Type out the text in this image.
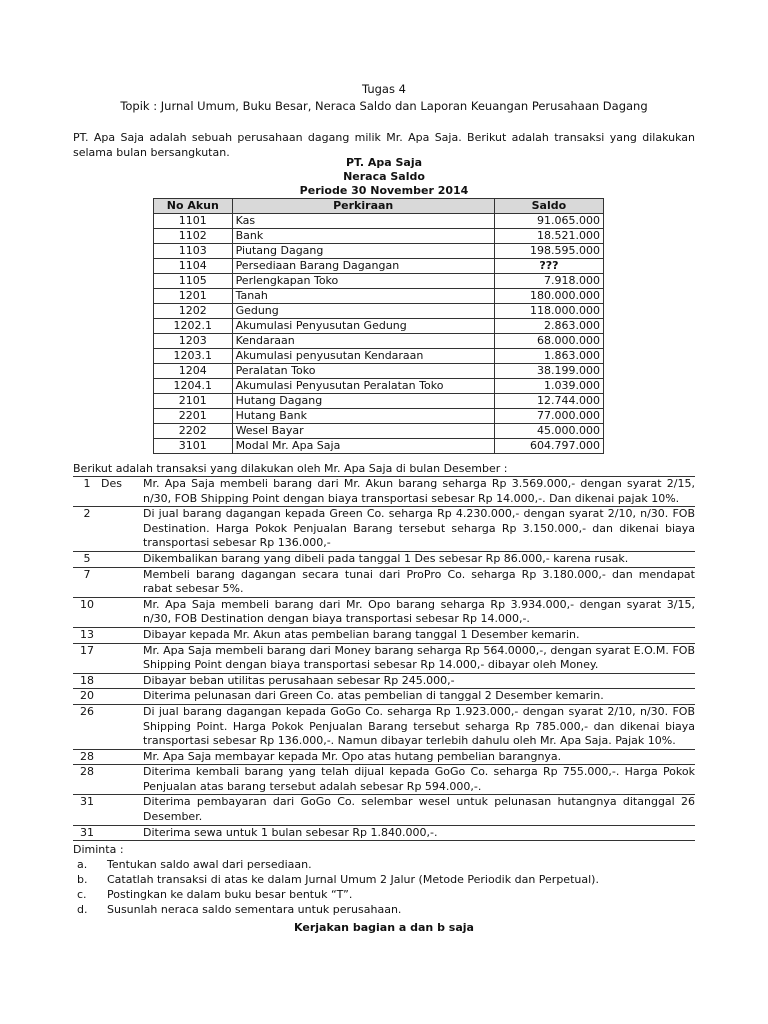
Tugas 4
Topik : Jurnal Umum, Buku Besar, Neraca Saldo dan Laporan Keuangan Perusahaan Dagang
PT. Apa Saja adalah sebuah perusahaan dagang milik Mr. Apa Saja. Berikut adalah transaksi yang dilakukan selama bulan bersangkutan.
PT. Apa Saja
Neraca Saldo
Periode 30 November 2014
No Akun	Perkiraan	Saldo
1101	Kas	91.065.000
1102	Bank	18.521.000
1103	Piutang Dagang	198.595.000
1104	Persediaan Barang Dagangan	???
1105	Perlengkapan Toko	7.918.000
1201	Tanah	180.000.000
1202	Gedung	118.000.000
1202.1	Akumulasi Penyusutan Gedung	2.863.000
1203	Kendaraan	68.000.000
1203.1	Akumulasi penyusutan Kendaraan	1.863.000
1204	Peralatan Toko	38.199.000
1204.1	Akumulasi Penyusutan Peralatan Toko	1.039.000
2101	Hutang Dagang	12.744.000
2201	Hutang Bank	77.000.000
2202	Wesel Bayar	45.000.000
3101	Modal Mr. Apa Saja	604.797.000
Berikut adalah transaksi yang dilakukan oleh Mr. Apa Saja di bulan Desember :
1 Des	Mr. Apa Saja membeli barang dari Mr. Akun barang seharga Rp 3.569.000,- dengan syarat 2/15, n/30, FOB Shipping Point dengan biaya transportasi sebesar Rp 14.000,-. Dan dikenai pajak 10%.
2	Di jual barang dagangan kepada Green Co. seharga Rp 4.230.000,- dengan syarat 2/10, n/30. FOB Destination. Harga Pokok Penjualan Barang tersebut seharga Rp 3.150.000,- dan dikenai biaya transportasi sebesar Rp 136.000,-
5	Dikembalikan barang yang dibeli pada tanggal 1 Des sebesar Rp 86.000,- karena rusak.
7	Membeli barang dagangan secara tunai dari ProPro Co. seharga Rp 3.180.000,- dan mendapat rabat sebesar 5%.
10	Mr. Apa Saja membeli barang dari Mr. Opo barang seharga Rp 3.934.000,- dengan syarat 3/15, n/30, FOB Destination dengan biaya transportasi sebesar Rp 14.000,-.
13	Dibayar kepada Mr. Akun atas pembelian barang tanggal 1 Desember kemarin.
17	Mr. Apa Saja membeli barang dari Money barang seharga Rp 564.0000,-, dengan syarat E.O.M. FOB Shipping Point dengan biaya transportasi sebesar Rp 14.000,- dibayar oleh Money.
18	Dibayar beban utilitas perusahaan sebesar Rp 245.000,-
20	Diterima pelunasan dari Green Co. atas pembelian di tanggal 2 Desember kemarin.
26	Di jual barang dagangan kepada GoGo Co. seharga Rp 1.923.000,- dengan syarat 2/10, n/30. FOB Shipping Point. Harga Pokok Penjualan Barang tersebut seharga Rp 785.000,- dan dikenai biaya transportasi sebesar Rp 136.000,-. Namun dibayar terlebih dahulu oleh Mr. Apa Saja. Pajak 10%.
28	Mr. Apa Saja membayar kepada Mr. Opo atas hutang pembelian barangnya.
28	Diterima kembali barang yang telah dijual kepada GoGo Co. seharga Rp 755.000,-. Harga Pokok Penjualan atas barang tersebut adalah sebesar Rp 594.000,-.
31	Diterima pembayaran dari GoGo Co. selembar wesel untuk pelunasan hutangnya ditanggal 26 Desember.
31	Diterima sewa untuk 1 bulan sebesar Rp 1.840.000,-.
Diminta :
a.	Tentukan saldo awal dari persediaan.
b.	Catatlah transaksi di atas ke dalam Jurnal Umum 2 Jalur (Metode Periodik dan Perpetual).
c.	Postingkan ke dalam buku besar bentuk “T”.
d.	Susunlah neraca saldo sementara untuk perusahaan.
Kerjakan bagian a dan b saja
